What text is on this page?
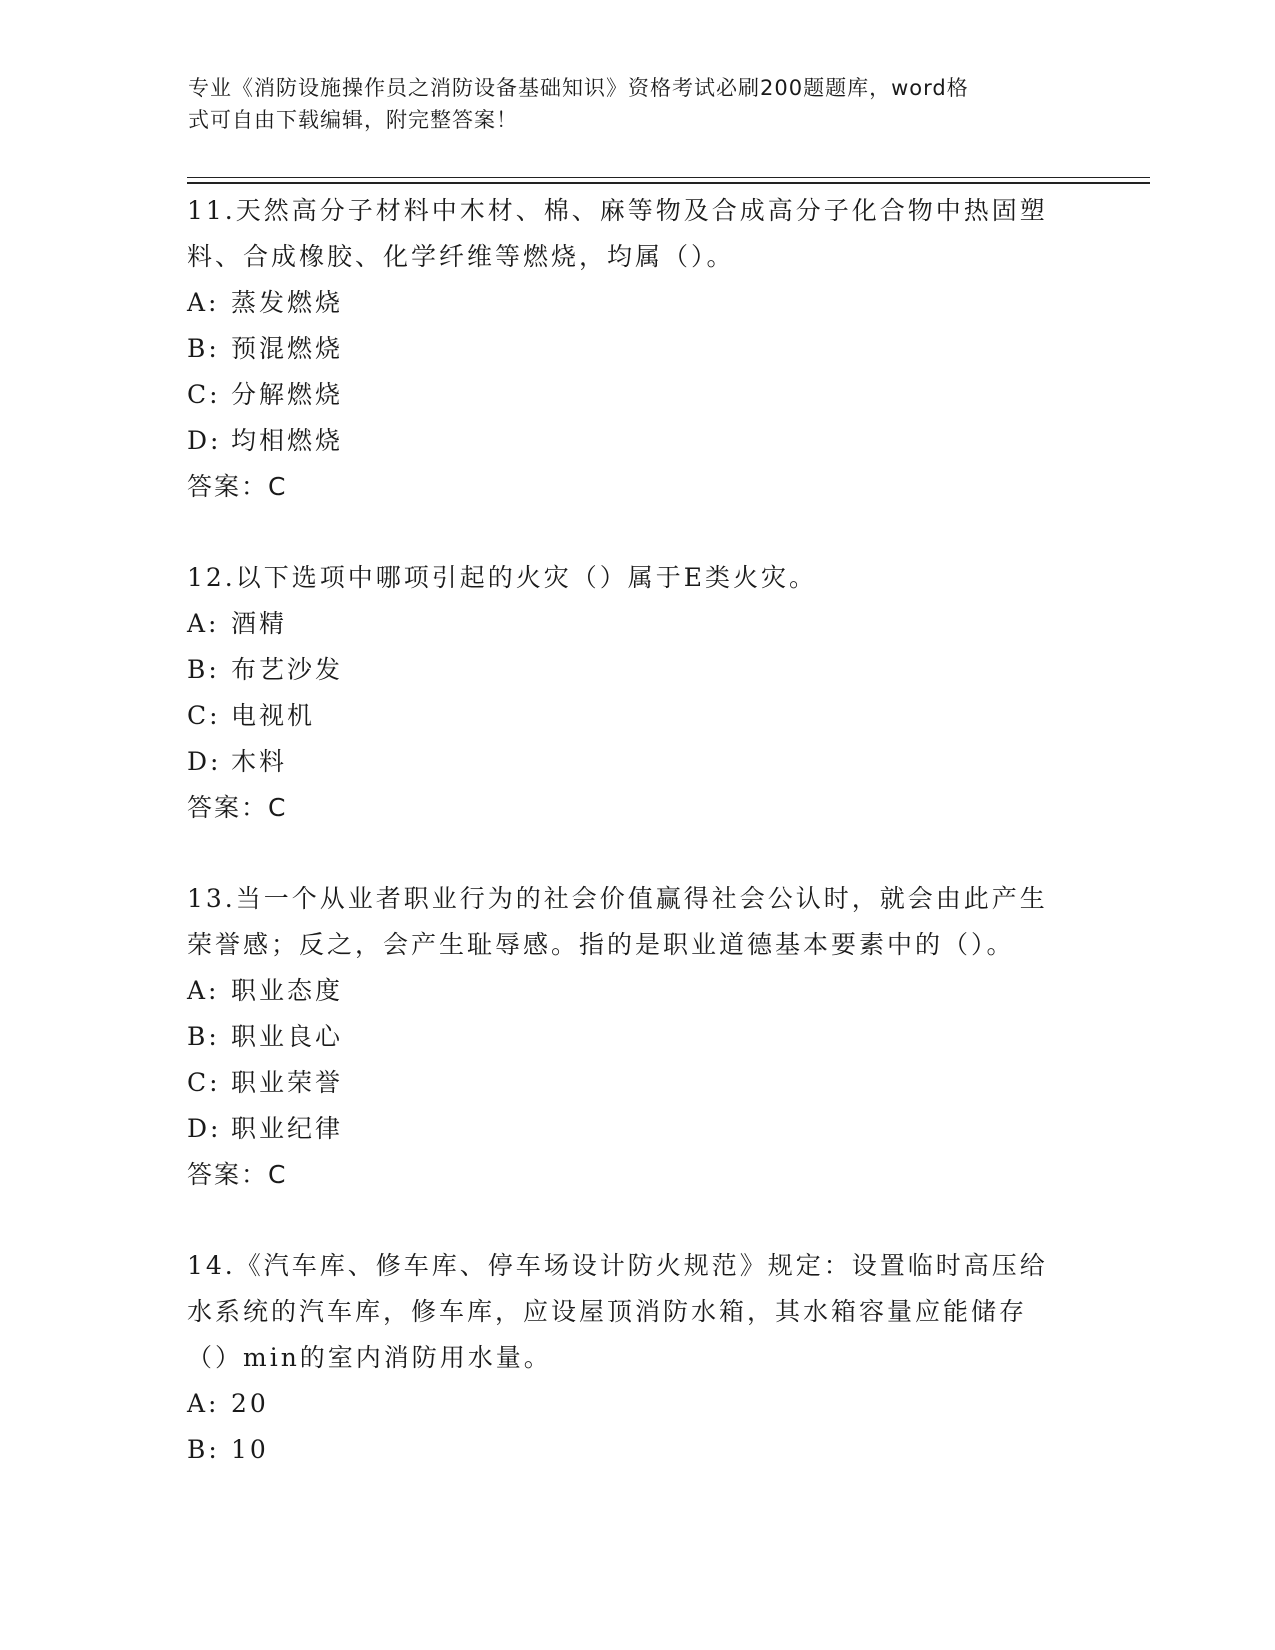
专业《消防设施操作员之消防设备基础知识》资格考试必刷200题题库，word格
式可自由下载编辑，附完整答案！

11.天然高分子材料中木材、棉、麻等物及合成高分子化合物中热固塑

料、合成橡胶、化学纤维等燃烧，均属（）。

A: 蒸发燃烧

B: 预混燃烧

C: 分解燃烧

D: 均相燃烧

答案：C

12.以下选项中哪项引起的火灾（）属于E类火灾。

A: 酒精

B: 布艺沙发

C: 电视机

D: 木料

答案：C

13.当一个从业者职业行为的社会价值赢得社会公认时，就会由此产生

荣誉感；反之，会产生耻辱感。指的是职业道德基本要素中的（）。

A: 职业态度

B: 职业良心

C: 职业荣誉

D: 职业纪律

答案：C

14.《汽车库、修车库、停车场设计防火规范》规定：设置临时高压给

水系统的汽车库，修车库，应设屋顶消防水箱，其水箱容量应能储存

（）min的室内消防用水量。

A: 20

B: 10
